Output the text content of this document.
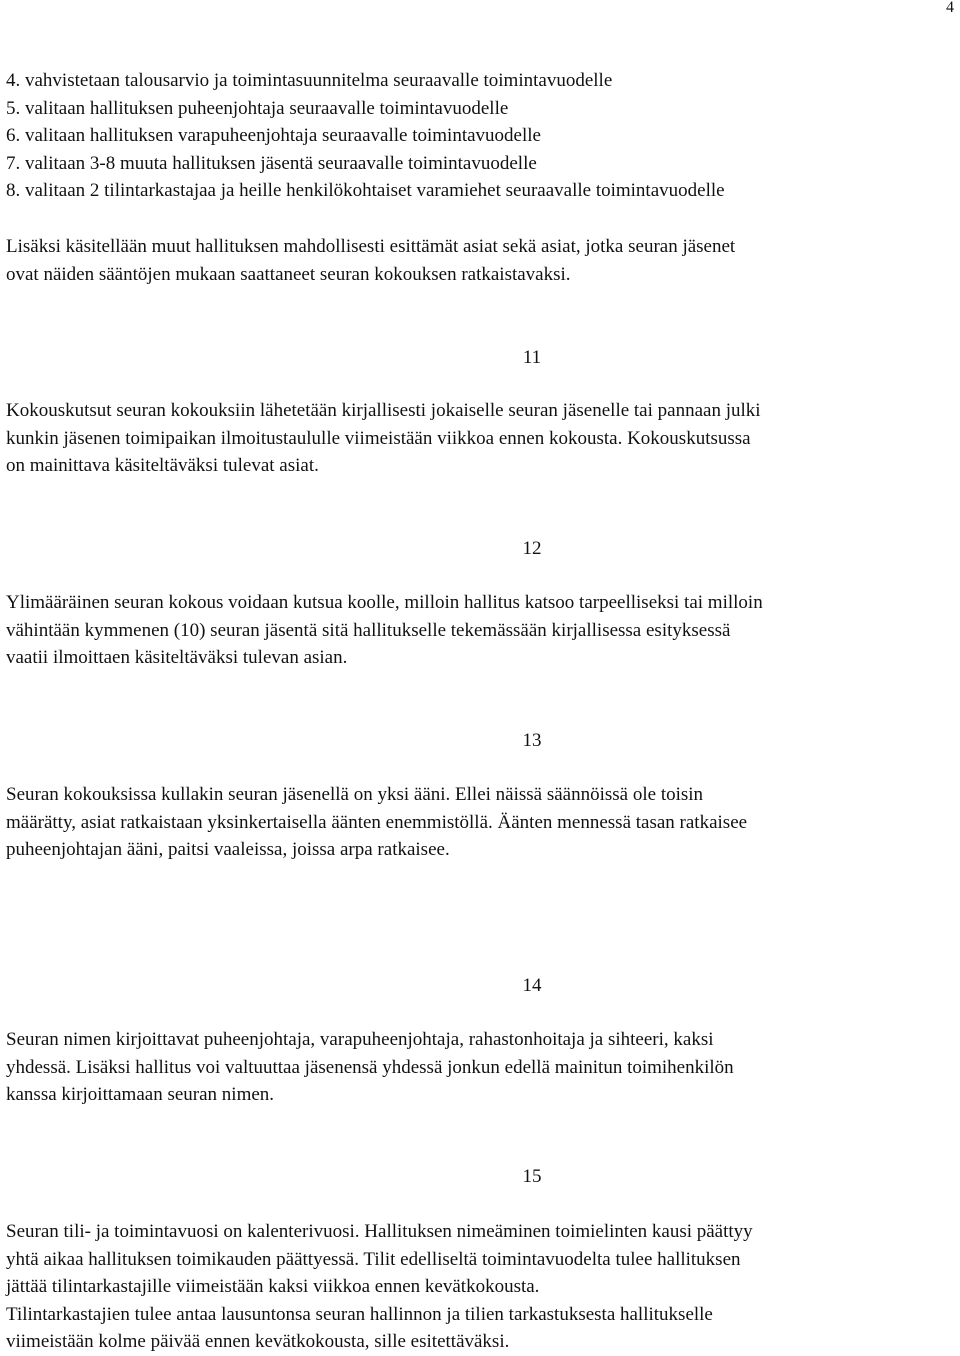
4
4. vahvistetaan talousarvio ja toimintasuunnitelma seuraavalle toimintavuodelle
5. valitaan hallituksen puheenjohtaja seuraavalle toimintavuodelle
6. valitaan hallituksen varapuheenjohtaja seuraavalle toimintavuodelle
7. valitaan 3-8 muuta hallituksen jäsentä seuraavalle toimintavuodelle
8. valitaan 2 tilintarkastajaa ja heille henkilökohtaiset varamiehet seuraavalle toimintavuodelle
Lisäksi käsitellään muut hallituksen mahdollisesti esittämät asiat sekä asiat, jotka seuran jäsenet
ovat näiden sääntöjen mukaan saattaneet seuran kokouksen ratkaistavaksi.
11
Kokouskutsut seuran kokouksiin lähetetään kirjallisesti jokaiselle seuran jäsenelle tai pannaan julki
kunkin jäsenen toimipaikan ilmoitustaululle viimeistään viikkoa ennen kokousta. Kokouskutsussa
on mainittava käsiteltäväksi tulevat asiat.
12
Ylimääräinen seuran kokous voidaan kutsua koolle, milloin hallitus katsoo tarpeelliseksi tai milloin
vähintään kymmenen (10) seuran jäsentä sitä hallitukselle tekemässään kirjallisessa esityksessä
vaatii ilmoittaen käsiteltäväksi tulevan asian.
13
Seuran kokouksissa kullakin seuran jäsenellä on yksi ääni. Ellei näissä säännöissä ole toisin
määrätty, asiat ratkaistaan yksinkertaisella äänten enemmistöllä. Äänten mennessä tasan ratkaisee
puheenjohtajan ääni, paitsi vaaleissa, joissa arpa ratkaisee.
14
Seuran nimen kirjoittavat puheenjohtaja, varapuheenjohtaja, rahastonhoitaja ja sihteeri, kaksi
yhdessä. Lisäksi hallitus voi valtuuttaa jäsenensä yhdessä jonkun edellä mainitun toimihenkilön
kanssa kirjoittamaan seuran nimen.
15
Seuran tili- ja toimintavuosi on kalenterivuosi. Hallituksen nimeäminen toimielinten kausi päättyy
yhtä aikaa hallituksen toimikauden päättyessä. Tilit edelliseltä toimintavuodelta tulee hallituksen
jättää tilintarkastajille viimeistään kaksi viikkoa ennen kevätkokousta.
Tilintarkastajien tulee antaa lausuntonsa seuran hallinnon ja tilien tarkastuksesta hallitukselle
viimeistään kolme päivää ennen kevätkokousta, sille esitettäväksi.
